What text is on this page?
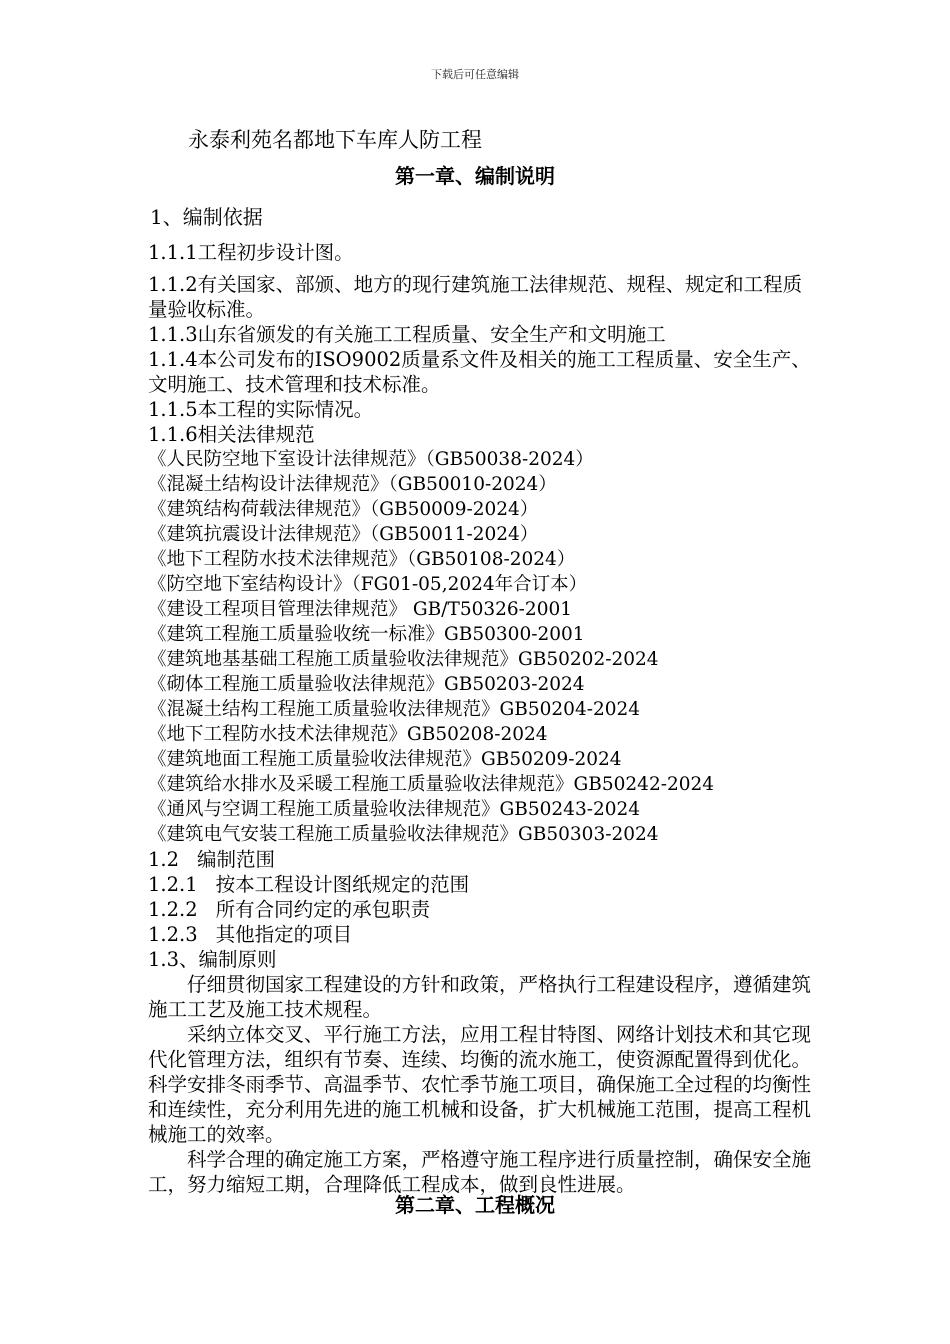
下载后可任意编辑
永泰利苑名都地下车库人防工程
第一章、编制说明
1、编制依据

1.1.1工程初步设计图。

1.1.2有关国家、部颁、地方的现行建筑施工法律规范、规程、规定和工程质量验收标准。

1.1.3山东省颁发的有关施工工程质量、安全生产和文明施工

1.1.4本公司发布的ISO9002质量系文件及相关的施工工程质量、安全生产、文明施工、技术管理和技术标准。

1.1.5本工程的实际情况。

1.1.6相关法律规范

《人民防空地下室设计法律规范》（GB50038-2024）

《混凝土结构设计法律规范》（GB50010-2024）

《建筑结构荷载法律规范》（GB50009-2024）

《建筑抗震设计法律规范》（GB50011-2024）

《地下工程防水技术法律规范》（GB50108-2024）

《防空地下室结构设计》（FG01-05,2024年合订本）

《建设工程项目管理法律规范》 GB/T50326-2001

《建筑工程施工质量验收统一标准》GB50300-2001

《建筑地基基础工程施工质量验收法律规范》GB50202-2024

《砌体工程施工质量验收法律规范》GB50203-2024

《混凝土结构工程施工质量验收法律规范》GB50204-2024

《地下工程防水技术法律规范》GB50208-2024

《建筑地面工程施工质量验收法律规范》GB50209-2024

《建筑给水排水及采暖工程施工质量验收法律规范》GB50242-2024

《通风与空调工程施工质量验收法律规范》GB50243-2024

《建筑电气安装工程施工质量验收法律规范》GB50303-2024

1.2 编制范围

1.2.1 按本工程设计图纸规定的范围

1.2.2 所有合同约定的承包职责

1.2.3 其他指定的项目

1.3、编制原则

仔细贯彻国家工程建设的方针和政策，严格执行工程建设程序，遵循建筑施工工艺及施工技术规程。

采纳立体交叉、平行施工方法，应用工程甘特图、网络计划技术和其它现代化管理方法，组织有节奏、连续、均衡的流水施工，使资源配置得到优化。科学安排冬雨季节、高温季节、农忙季节施工项目，确保施工全过程的均衡性和连续性，充分利用先进的施工机械和设备，扩大机械施工范围，提高工程机械施工的效率。

科学合理的确定施工方案，严格遵守施工程序进行质量控制，确保安全施工，努力缩短工期，合理降低工程成本，做到良性进展。

第二章、工程概况
